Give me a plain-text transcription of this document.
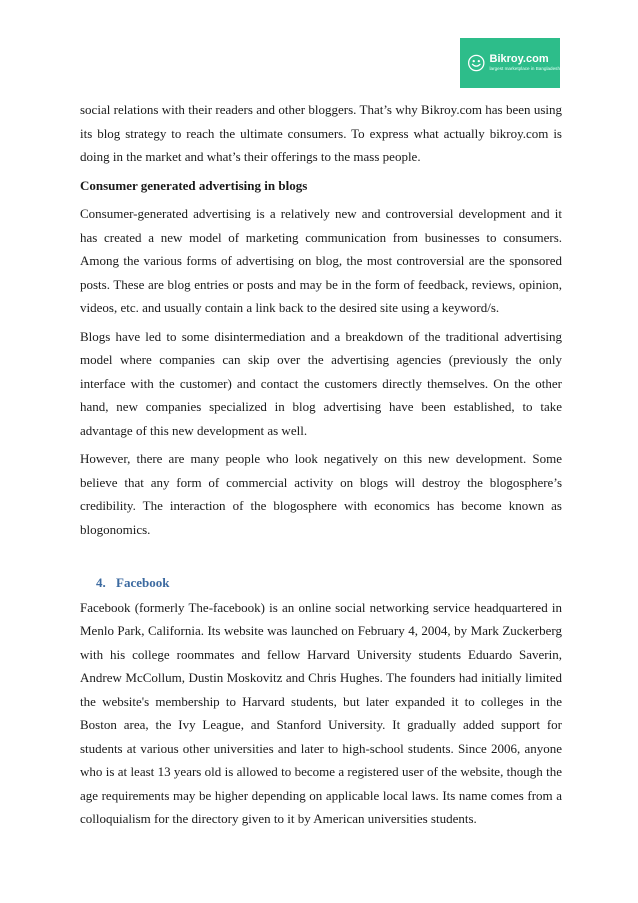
Bikroy.com
largest marketplace in Bangladesh

social relations with their readers and other bloggers. That’s why Bikroy.com has been using its blog strategy to reach the ultimate consumers. To express what actually bikroy.com is doing in the market and what’s their offerings to the mass people.

Consumer generated advertising in blogs

Consumer-generated advertising is a relatively new and controversial development and it has created a new model of marketing communication from businesses to consumers. Among the various forms of advertising on blog, the most controversial are the sponsored posts. These are blog entries or posts and may be in the form of feedback, reviews, opinion, videos, etc. and usually contain a link back to the desired site using a keyword/s.

Blogs have led to some disintermediation and a breakdown of the traditional advertising model where companies can skip over the advertising agencies (previously the only interface with the customer) and contact the customers directly themselves. On the other hand, new companies specialized in blog advertising have been established, to take advantage of this new development as well.

However, there are many people who look negatively on this new development. Some believe that any form of commercial activity on blogs will destroy the blogosphere’s credibility. The interaction of the blogosphere with economics has become known as blogonomics.

4. Facebook

Facebook (formerly The-facebook) is an online social networking service headquartered in Menlo Park, California. Its website was launched on February 4, 2004, by Mark Zuckerberg with his college roommates and fellow Harvard University students Eduardo Saverin, Andrew McCollum, Dustin Moskovitz and Chris Hughes. The founders had initially limited the website's membership to Harvard students, but later expanded it to colleges in the Boston area, the Ivy League, and Stanford University. It gradually added support for students at various other universities and later to high-school students. Since 2006, anyone who is at least 13 years old is allowed to become a registered user of the website, though the age requirements may be higher depending on applicable local laws. Its name comes from a colloquialism for the directory given to it by American universities students.
